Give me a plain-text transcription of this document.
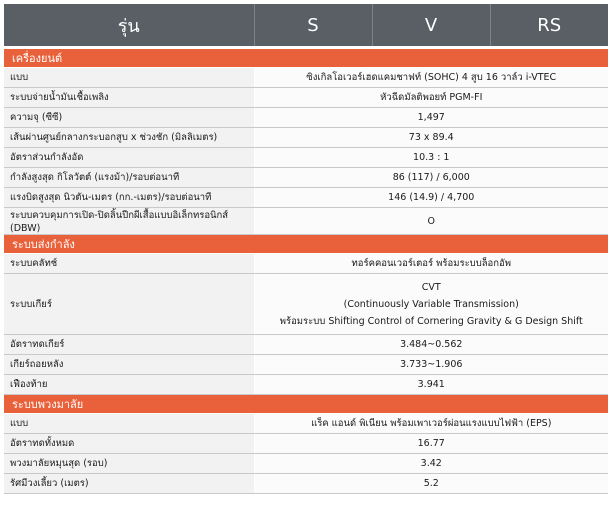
รุ่น	S	V	RS
เครื่องยนต์			
แบบ	ซิงเกิลโอเวอร์เฮดแคมชาฟท์ (SOHC) 4 สูบ 16 วาล์ว i-VTEC		
ระบบจ่ายน้ำมันเชื้อเพลิง	หัวฉีดมัลติพอยท์ PGM-FI		
ความจุ (ซีซี)	1,497		
เส้นผ่านศูนย์กลางกระบอกสูบ x ช่วงชัก (มิลลิเมตร)	73 x 89.4		
อัตราส่วนกำลังอัด	10.3 : 1		
กำลังสูงสุด กิโลวัตต์ (แรงม้า)/รอบต่อนาที	86 (117) / 6,000		
แรงบิดสูงสุด นิวตัน-เมตร (กก.-เมตร)/รอบต่อนาที	146 (14.9) / 4,700		
ระบบควบคุมการเปิด-ปิดลิ้นปีกผีเสื้อแบบอิเล็กทรอนิกส์ (DBW)	O		
ระบบส่งกำลัง			
ระบบคลัทช์	ทอร์คคอนเวอร์เตอร์ พร้อมระบบล็อกอัพ		
ระบบเกียร์	CVT
(Continuously Variable Transmission)
พร้อมระบบ Shifting Control of Cornering Gravity & G Design Shift		

อัตราทดเกียร์	3.484~0.562		
เกียร์ถอยหลัง	3.733~1.906		
เฟืองท้าย	3.941		
ระบบพวงมาลัย			
แบบ	แร็ค แอนด์ พิเนียน พร้อมเพาเวอร์ผ่อนแรงแบบไฟฟ้า (EPS)		
อัตราทดทั้งหมด	16.77		
พวงมาลัยหมุนสุด (รอบ)	3.42		
รัศมีวงเลี้ยว (เมตร)	5.2		
